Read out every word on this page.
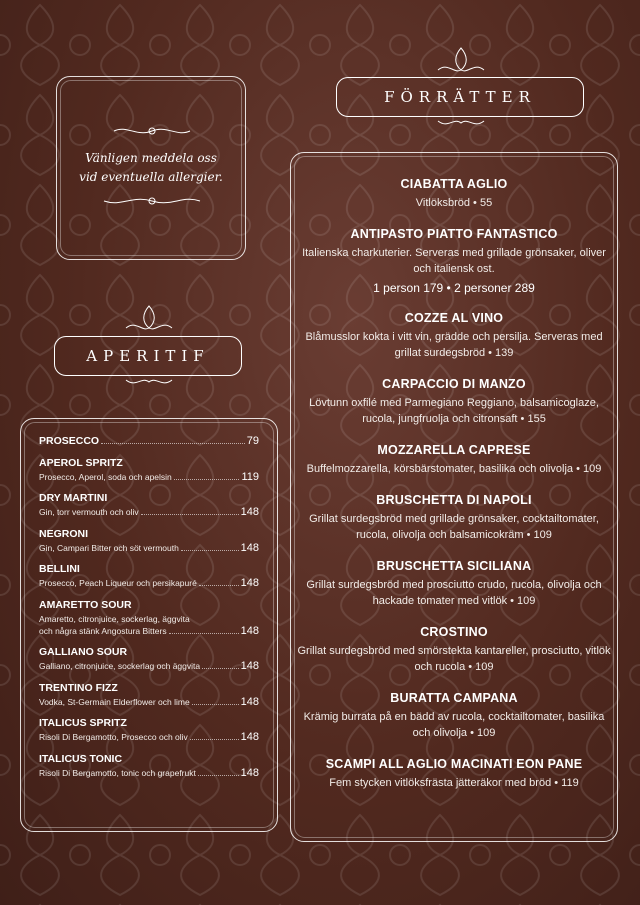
Vänligen meddela oss
vid eventuella allergier.
FÖRRÄTTER
CIABATTA AGLIO
Vitlöksbröd • 55
ANTIPASTO PIATTO FANTASTICO
Italienska charkuterier. Serveras med grillade grönsaker, oliver och italiensk ost.
1 person 179 • 2 personer 289
COZZE AL VINO
Blåmusslor kokta i vitt vin, grädde och persilja. Serveras med grillat surdegsbröd • 139
CARPACCIO DI MANZO
Lövtunn oxfilé med Parmegiano Reggiano, balsamicoglaze, rucola, jungfruolja och citronsaft • 155
MOZZARELLA CAPRESE
Buffelmozzarella, körsbärstomater, basilika och olivolja • 109
BRUSCHETTA DI NAPOLI
Grillat surdegsbröd med grillade grönsaker, cocktailtomater, rucola, olivolja och balsamicokräm • 109
BRUSCHETTA SICILIANA
Grillat surdegsbröd med prosciutto crudo, rucola, olivolja och hackade tomater med vitlök • 109
CROSTINO
Grillat surdegsbröd med smörstekta kantareller, prosciutto, vitlök och rucola • 109
BURATTA CAMPANA
Krämig burrata på en bädd av rucola, cocktailtomater, basilika och olivolja • 109
SCAMPI ALL AGLIO MACINATI EON PANE
Fem stycken vitlöksfrästa jätteräkor med bröd • 119
APERITIF
PROSECCO	79
APEROL SPRITZ
Prosecco, Aperol, soda och apelsin	119
DRY MARTINI
Gin, torr vermouth och oliv	148
NEGRONI
Gin, Campari Bitter och söt vermouth	148
BELLINI
Prosecco, Peach Liqueur och persikapuré	148
AMARETTO SOUR
Amaretto, citronjuice, sockerlag, äggvita
och några stänk Angostura Bitters	148
GALLIANO SOUR
Galliano, citronjuice, sockerlag och äggvita	148
TRENTINO FIZZ
Vodka, St-Germain Elderflower och lime	148
ITALICUS SPRITZ
Risoli Di Bergamotto, Prosecco och oliv	148
ITALICUS TONIC
Risoli Di Bergamotto, tonic och grapefrukt	148
